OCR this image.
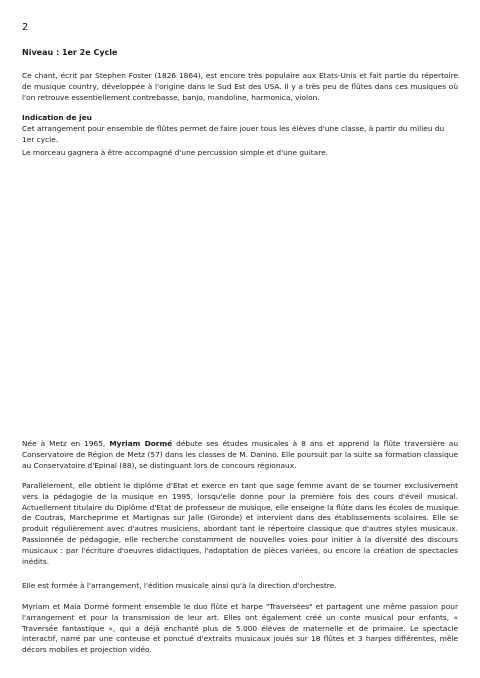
2

Niveau : 1er 2e Cycle

Ce chant, écrit par Stephen Foster (1826 1864), est encore très populaire aux Etats-Unis et fait partie du répertoire de musique country, développée à l'origine dans le Sud Est des USA. Il y a très peu de flûtes dans ces musiques où l'on retrouve essentiellement contrebasse, banjo, mandoline, harmonica, violon.

Indication de jeu

Cet arrangement pour ensemble de flûtes permet de faire jouer tous les élèves d'une classe, à partir du milieu du 1er cycle.

Le morceau gagnera à être accompagné d'une percussion simple et d'une guitare.

Née à Metz en 1965, Myriam Dormé débute ses études musicales à 8 ans et apprend la flûte traversière au Conservatoire de Région de Metz (57) dans les classes de M. Danino. Elle poursuit par la suite sa formation classique au Conservatoire d'Epinal (88), se distinguant lors de concours régionaux.

Parallèlement, elle obtient le diplôme d'Etat et exerce en tant que sage femme avant de se tourner exclusivement vers la pédagogie de la musique en 1995, lorsqu'elle donne pour la première fois des cours d'éveil musical. Actuellement titulaire du Diplôme d'Etat de professeur de musique, elle enseigne la flûte dans les écoles de musique de Coutras, Marcheprime et Martignas sur Jalle (Gironde) et intervient dans des établissements scolaires. Elle se produit régulièrement avec d'autres musiciens, abordant tant le répertoire classique que d'autres styles musicaux. Passionnée de pédagogie, elle recherche constamment de nouvelles voies pour initier à la diversité des discours musicaux : par l'écriture d'oeuvres didactiques, l'adaptation de pièces variées, ou encore la création de spectacles inédits.

Elle est formée à l'arrangement, l'édition musicale ainsi qu'à la direction d'orchestre.

Myriam et Maia Dormé forment ensemble le duo flûte et harpe "Traversées" et partagent une même passion pour l'arrangement et pour la transmission de leur art. Elles ont également créé un conte musical pour enfants, « Traversée fantastique », qui a déjà enchanté plus de 5.000 élèves de maternelle et de primaire. Le spectacle interactif, narré par une conteuse et ponctué d'extraits musicaux joués sur 18 flûtes et 3 harpes différentes, mêle décors mobiles et projection vidéo.
